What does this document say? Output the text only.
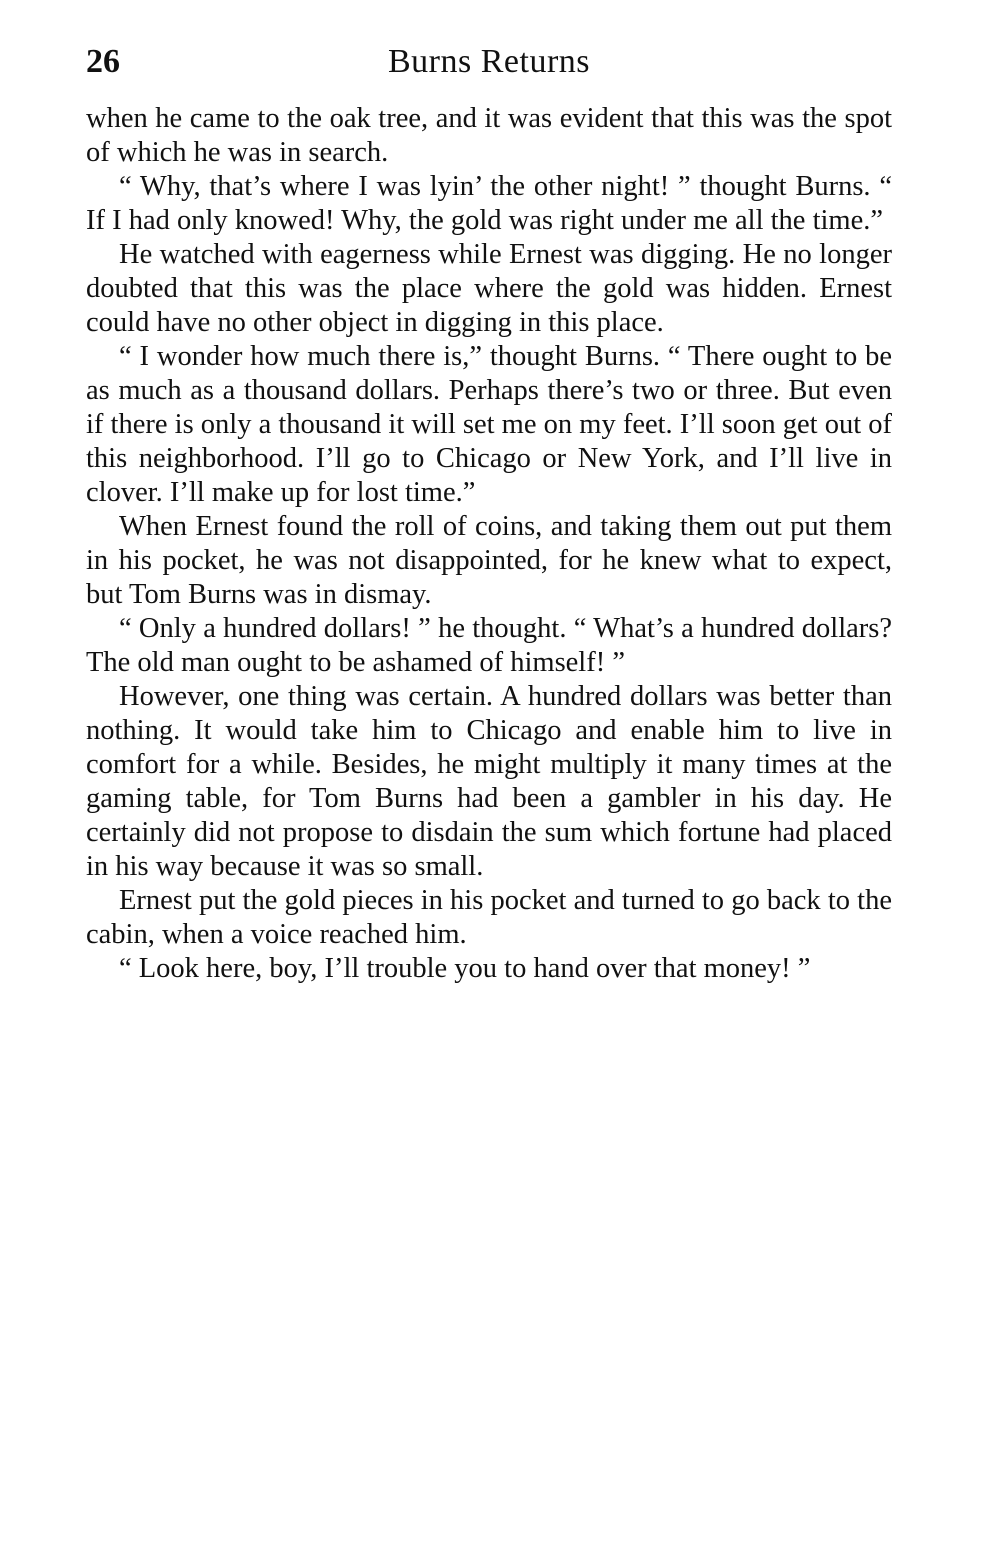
26	Burns Returns

when he came to the oak tree, and it was evident that this was the spot of which he was in search.

“ Why, that’s where I was lyin’ the other night! ” thought Burns. “ If I had only knowed! Why, the gold was right under me all the time.”

He watched with eagerness while Ernest was digging. He no longer doubted that this was the place where the gold was hidden. Ernest could have no other object in digging in this place.

“ I wonder how much there is,” thought Burns. “ There ought to be as much as a thousand dollars. Perhaps there’s two or three. But even if there is only a thousand it will set me on my feet. I’ll soon get out of this neighborhood. I’ll go to Chicago or New York, and I’ll live in clover. I’ll make up for lost time.”

When Ernest found the roll of coins, and taking them out put them in his pocket, he was not disappointed, for he knew what to expect, but Tom Burns was in dismay.

“ Only a hundred dollars! ” he thought. “ What’s a hundred dollars? The old man ought to be ashamed of himself! ”

However, one thing was certain. A hundred dollars was better than nothing. It would take him to Chicago and enable him to live in comfort for a while. Besides, he might multiply it many times at the gaming table, for Tom Burns had been a gambler in his day. He certainly did not propose to disdain the sum which fortune had placed in his way because it was so small.

Ernest put the gold pieces in his pocket and turned to go back to the cabin, when a voice reached him.

“ Look here, boy, I’ll trouble you to hand over that money! ”
